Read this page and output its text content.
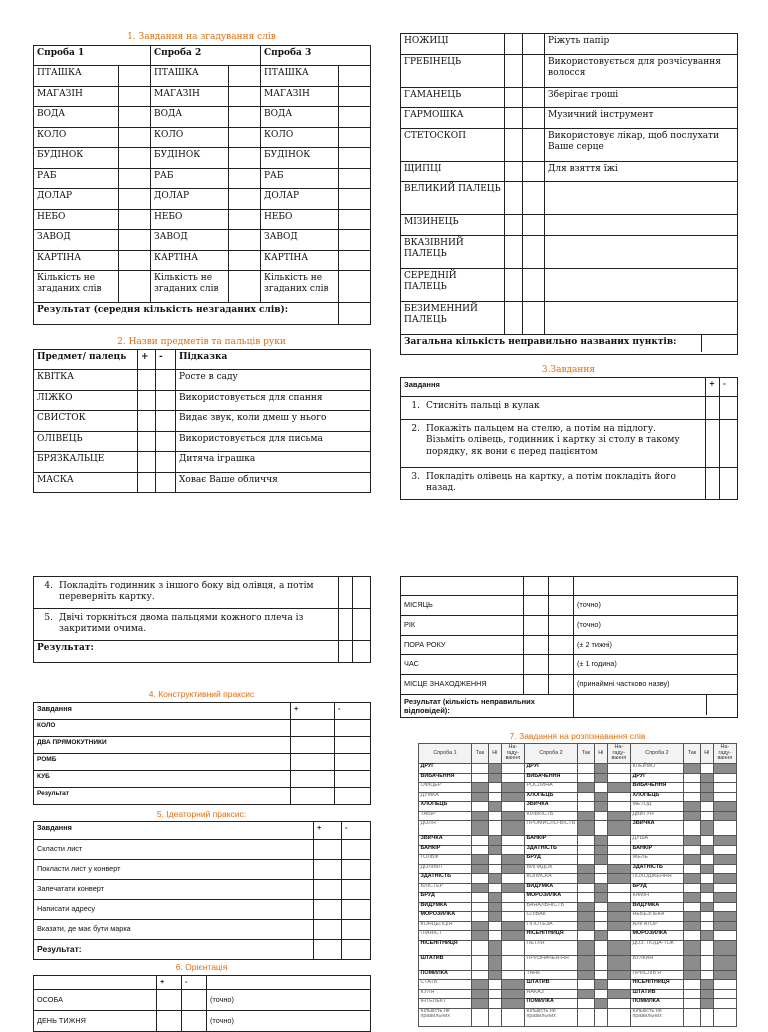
1. Завдання на згадування слів
Спроба 1		Спроба 2		Спроба 3	
ПТАШКА		ПТАШКА		ПТАШКА	
МАГАЗІН		МАГАЗІН		МАГАЗІН	
ВОДА		ВОДА		ВОДА	
КОЛО		КОЛО		КОЛО	
БУДІНОК		БУДІНОК		БУДІНОК	
РАБ		РАБ		РАБ	
ДОЛАР		ДОЛАР		ДОЛАР	
НЕБО		НЕБО		НЕБО	
ЗАВОД		ЗАВОД		ЗАВОД	
КАРТІНА		КАРТІНА		КАРТІНА	
Кількість не згаданих слів		Кількість не згаданих слів		Кількість не згаданих слів	
Результат (середня кількість незгаданих слів):					
2. Назви предметів та пальців руки
Предмет/ палець	+	-	Підказка
КВІТКА			Росте в саду
ЛІЖКО			Використовується для спання
СВИСТОК			Видає звук, коли дмеш у нього
ОЛІВЕЦЬ			Використовується для письма
БРЯЗКАЛЬЦЕ			Дитяча іграшка
МАСКА			Ховає Ваше обличчя
4. Покладіть годинник з іншого боку від олівця, а потім переверніть картку.		
5. Двічі торкніться двома пальцями кожного плеча із закритими очима.		
Результат:		
4. Конструктивний праксис
Завдання	+	-
КОЛО		
ДВА ПРЯМОКУТНИКИ		
РОМБ		
КУБ		
Результат		
5. Ідеаторний праксис:
Завдання	+	-
Скласти лист		
Покласти лист у конверт		
Запечатати конверт		
Написати адресу		
Вказати, де має бути марка		
Результат:		
6. Орієнтація
	+	-	
ОСОБА			(точно)
ДЕНЬ ТИЖНЯ			(точно)
НОЖИЦІ			Ріжуть папір
ГРЕБІНЕЦЬ			Використовується для розчісування волосся
ГАМАНЕЦЬ			Зберігає гроші
ГАРМОШКА			Музичний інструмент
СТЕТОСКОП			Використовує лікар, щоб послухати Ваше серце
ЩИПЦІ			Для взяття їжі
ВЕЛИКИЙ ПАЛЕЦЬ			
МІЗИНЕЦЬ			
ВКАЗІВНИЙ ПАЛЕЦЬ			
СЕРЕДНІЙ ПАЛЕЦЬ			
БЕЗИМЕННИЙ ПАЛЕЦЬ			
Загальна кількість неправильно названих пунктів:			
3.Завдання
Завдання	+	-
1. Стисніть пальці в кулак		
2. Покажіть пальцем на стелю, а потім на підлогу. Візьміть олівець, годинник і картку зі столу в такому порядку, як вони є перед пацієнтом		
3. Покладіть олівець на картку, а потім покладіть його назад.		

МІСЯЦЬ			(точно)
РІК			(точно)
ПОРА РОКУ			(± 2 тижні)
ЧАС			(± 1 година)
МІСЦЕ ЗНАХОДЖЕННЯ			(принаймні частково назву)
Результат (кількість неправильних відповідей):			
7. Завдання на розпізнавання слів
Спроба 1	Так	Ні	На-гаду-вання	Спроба 2	Так	Ні	На-гаду-вання	Спроба 2	Так	Ні	На-гаду-вання
ДРУГ				ДРУГ				КЛЕЙМО			
ВИБАЧЕННЯ				ВИБАЧЕННЯ				ДРУГ			
ОФІЦЕР				РОСЛИНА				ВИБАЧЕННЯ			
ДУМКА				ХЛОПЕЦЬ				ХЛОПЕЦЬ			
ХЛОПЕЦЬ				ЗВИЧКА				МЕТОД			
ТАБІР				КІЛЬКІСТЬ				ДВИГУН			
ДОЛЯ				ПРОМИСЛО-ВІСТЬ				ЗВИЧКА			
ЗВИЧКА				БАНКІР				ДУША			
БАНКІР				ЗДАТНІСТЬ				БАНКІР			
ГОЛЬФ				БРУД				ЖЕЛЕ			
ДОЛІВІЛ				ВИПАДОК				ЗДАТНІСТЬ			
ЗДАТНІСТЬ				КОЛИСКА				ПОХОДЖЕННЯ			
БЛІСТЕР				ВИДУМКА				БРУД			
БРУД				МОРОЗИЛКА				КАМІН			
ВИДУМКА				БАНАЛЬНІСТЬ				ВИДУМКА			
МОРОЗИЛКА				СПІВАК				НЕБЕЗПЕКА			
КОНЦЕПЦІЯ				ГІПОТЕЗА				АЛІГАТОР			
ПІАНІСТ				НІСЕНІТНИЦЯ				МОРОЗИЛКА			
НІСЕНІТНИЦЯ				ПЕТЛЯ				ДОЗ. ПОДА-ТОК			
ШТАТИВ				ПРИЗНАЧЕН-НЯ				ВУЛКАН			
ПОМИЛКА				ТАНК				ПРИСЛІВ'Я			
СТАТЬ				ШТАТИВ				НІСЕНІТНИЦЯ			
КУЛЯ				НАКАЗ				ШТАТИВ			
ІНТЕЛЕКТ				ПОМИЛКА				ПОМИЛКА			
Кількість не правильних				Кількість не правильних				Кількість не правильних			
